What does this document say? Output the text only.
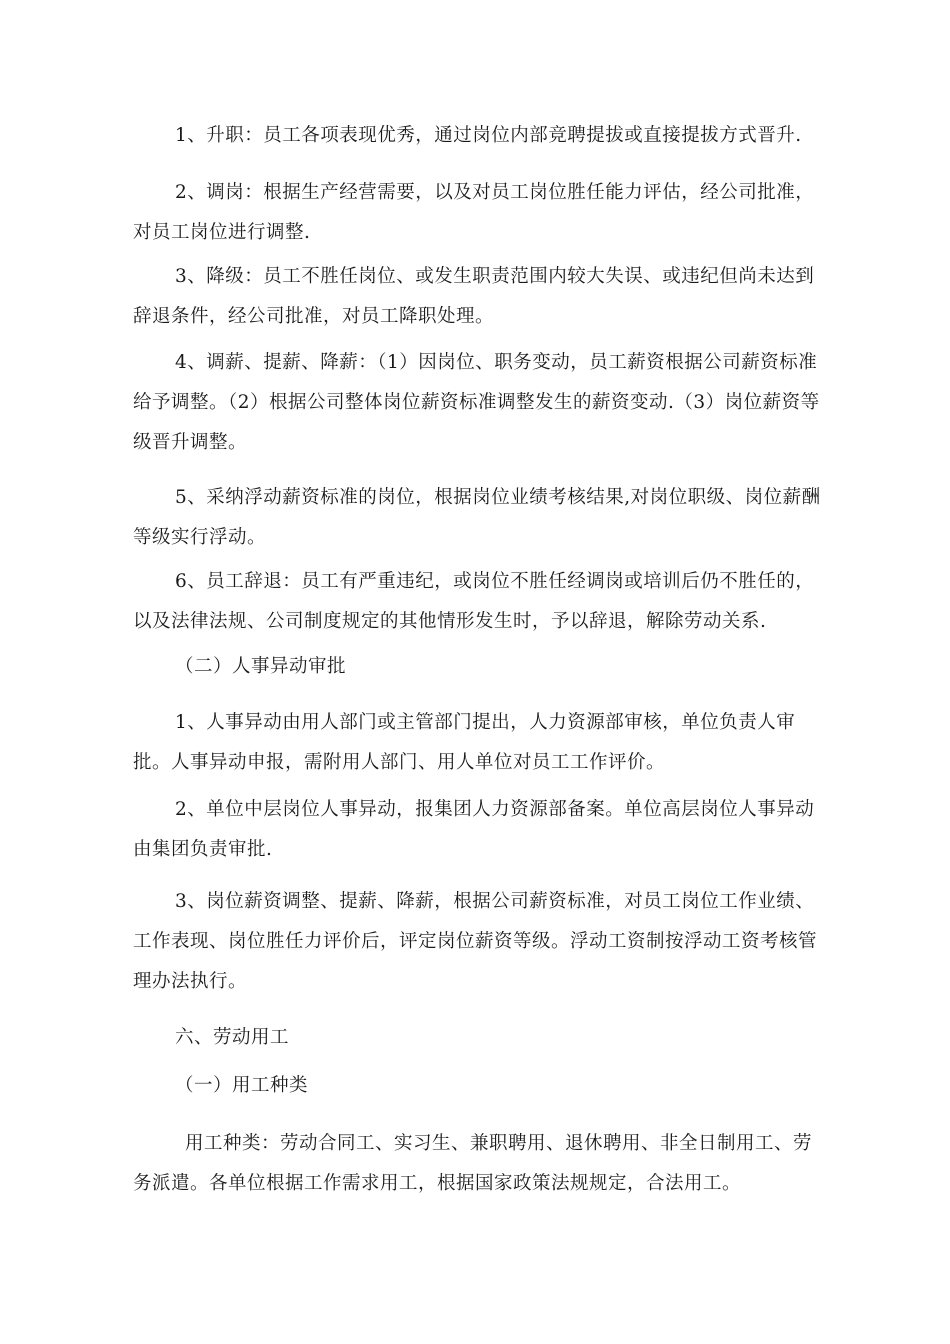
1、升职：员工各项表现优秀，通过岗位内部竞聘提拔或直接提拔方式晋升.

2、调岗：根据生产经营需要，以及对员工岗位胜任能力评估，经公司批准，对员工岗位进行调整.

3、降级：员工不胜任岗位、或发生职责范围内较大失误、或违纪但尚未达到辞退条件，经公司批准，对员工降职处理。

4、调薪、提薪、降薪：（1）因岗位、职务变动，员工薪资根据公司薪资标准给予调整。（2）根据公司整体岗位薪资标准调整发生的薪资变动.（3）岗位薪资等级晋升调整。

5、采纳浮动薪资标准的岗位，根据岗位业绩考核结果,对岗位职级、岗位薪酬等级实行浮动。

6、员工辞退：员工有严重违纪，或岗位不胜任经调岗或培训后仍不胜任的，以及法律法规、公司制度规定的其他情形发生时，予以辞退，解除劳动关系.

（二）人事异动审批

1、人事异动由用人部门或主管部门提出，人力资源部审核，单位负责人审批。人事异动申报，需附用人部门、用人单位对员工工作评价。

2、单位中层岗位人事异动，报集团人力资源部备案。单位高层岗位人事异动由集团负责审批.

3、岗位薪资调整、提薪、降薪，根据公司薪资标准，对员工岗位工作业绩、工作表现、岗位胜任力评价后，评定岗位薪资等级。浮动工资制按浮动工资考核管理办法执行。

六、劳动用工

（一）用工种类

用工种类：劳动合同工、实习生、兼职聘用、退休聘用、非全日制用工、劳务派遣。各单位根据工作需求用工，根据国家政策法规规定，合法用工。
